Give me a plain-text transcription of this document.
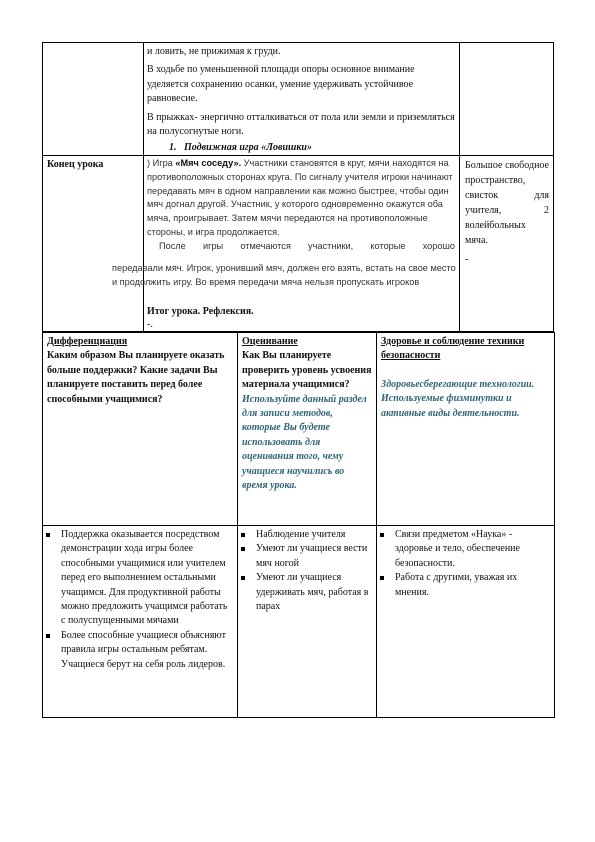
и ловить, не прижимая к груди.

В ходьбе по уменьшенной площади опоры основное внимание уделяется сохранению осанки, умение удерживать устойчивое равновесие.

В прыжках- энергично отталкиваться от пола или земли и приземляться на полусогнутые ноги.

1. Подвижная игра «Ловишки»

Конец урока	) Игра «Мяч соседу». Участники становятся в круг, мячи находятся на противоположных сторонах круга. По сигналу учителя игроки начинают передавать мяч в одном направлении как можно быстрее, чтобы один мяч догнал другой. Участник, у которого одновременно окажутся оба мяча, проигрывает. Затем мячи передаются на противоположные стороны, и игра продолжается.

После игры отмечаются участники, которые хорошо

передавали мяч. Игрок, уронивший мяч, должен его взять, встать на свое место и продолжить игру. Во время передачи мяча нельзя пропускать игроков

Итог урока. Рефлексия.

-.

Большое свободное пространство, свисток для учителя, 2 волейбольных мяча.

-

Дифференциация

Каким образом Вы планируете оказать больше поддержки? Какие задачи Вы планируете поставить перед более способными учащимися?

Оценивание

Как Вы планируете проверить уровень усвоения материала учащимися?

Используйте данный раздел для записи методов, которые Вы будете использовать для оценивания того, чему учащиеся научились во время урока.

Здоровье и соблюдение техники безопасности

Здоровьесберегающие технологии. Используемые физминутки и активные виды деятельности.

Поддержка оказывается посредством демонстрации хода игры более способными учащимися или учителем перед его выполнением остальными учащимся. Для продуктивной работы можно предложить учащимся работать с полуспущенными мячами
Более способные учащиеся объясняют правила игры остальным ребятам. Учащиеся берут на себя роль лидеров.
Наблюдение учителя
Умеют ли учащиеся вести мяч ногой
Умеют ли учащиеся удерживать мяч, работая в парах
Связи предметом «Наука» - здоровье и тело, обеспечение безопасности.
Работа с другими, уважая их мнения.
